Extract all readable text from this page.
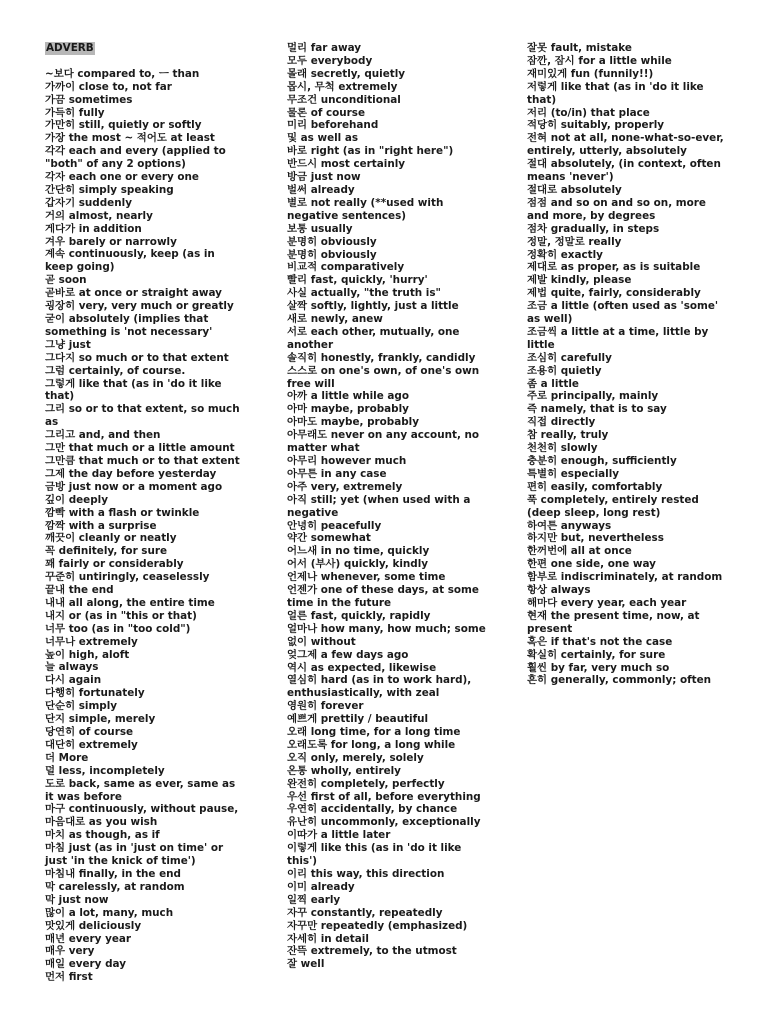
ADVERB
~보다 compared to, ㅡ than
가까이 close to, not far
가끔 sometimes
가득히 fully
가만히 still, quietly or softly
가장 the most ~ 적어도 at least
각각 each and every (applied to "both" of any 2 options)
각자 each one or every one
간단히 simply speaking
갑자기 suddenly
거의 almost, nearly
게다가 in addition
겨우 barely or narrowly
계속 continuously, keep (as in keep going)
곧 soon
곧바로 at once or straight away
굉장히 very, very much or greatly
굳이 absolutely (implies that something is 'not necessary'
그냥 just
그다지 so much or to that extent
그럼 certainly, of course.
그렇게 like that (as in 'do it like that)
그리 so or to that extent, so much as
그리고 and, and then
그만 that much or a little amount
그만큼 that much or to that extent
그제 the day before yesterday
금방 just now or a moment ago
깊이 deeply
깜빡 with a flash or twinkle
깜짝 with a surprise
깨끗이 cleanly or neatly
꼭 definitely, for sure
꽤 fairly or considerably
꾸준히 untiringly, ceaselessly
끝내 the end
내내 all along, the entire time
내지 or (as in "this or that)
너무 too (as in "too cold")
너무나 extremely
높이 high, aloft
늘 always
다시 again
다행히 fortunately
단순히 simply
단지 simple, merely
당연히 of course
대단히 extremely
더 More
덜 less, incompletely
도로 back, same as ever, same as it was before
마구 continuously, without pause,
마음대로 as you wish
마치 as though, as if
마침 just (as in 'just on time' or just 'in the knick of time')
마침내 finally, in the end
막 carelessly, at random
막 just now
많이 a lot, many, much
맛있게 deliciously
매년 every year
매우 very
매일 every day
먼저 first
멀리 far away
모두 everybody
몰래 secretly, quietly
몹시, 무척 extremely
무조건 unconditional
물론 of course
미리 beforehand
및 as well as
바로 right (as in "right here")
반드시 most certainly
방금 just now
벌써 already
별로 not really (**used with negative sentences)
보통 usually
분명히 obviously
분명히 obviously
비교적 comparatively
빨리 fast, quickly, 'hurry'
사실 actually, "the truth is"
살짝 softly, lightly, just a little
새로 newly, anew
서로 each other, mutually, one another
솔직히 honestly, frankly, candidly
스스로 on one's own, of one's own free will
아까 a little while ago
아마 maybe, probably
아마도 maybe, probably
아무래도 never on any account, no matter what
아무리 however much
아무튼 in any case
아주 very, extremely
아직 still; yet (when used with a negative
안녕히 peacefully
약간 somewhat
어느새 in no time, quickly
어서 (부사) quickly, kindly
언제나 whenever, some time
언젠가 one of these days, at some time in the future
얼른 fast, quickly, rapidly
얼마나 how many, how much; some
없이 without
엊그제 a few days ago
역시 as expected, likewise
열심히 hard (as in to work hard), enthusiastically, with zeal
영원히 forever
예쁘게 prettily / beautiful
오래 long time, for a long time
오래도록 for long, a long while
오직 only, merely, solely
온통 wholly, entirely
완전히 completely, perfectly
우선 first of all, before everything
우연히 accidentally, by chance
유난히 uncommonly, exceptionally
이따가 a little later
이렇게 like this (as in 'do it like this')
이리 this way, this direction
이미 already
일찍 early
자꾸 constantly, repeatedly
자꾸만 repeatedly (emphasized)
자세히 in detail
잔뜩 extremely, to the utmost
잘 well
잘못 fault, mistake
잠깐, 잠시 for a little while
재미있게 fun (funnily!!)
저렇게 like that (as in 'do it like that)
저리 (to/in) that place
적당히 suitably, properly
전혀 not at all, none-what-so-ever, entirely, utterly, absolutely
절대 absolutely, (in context, often means 'never')
절대로 absolutely
점점 and so on and so on, more and more, by degrees
점차 gradually, in steps
정말, 정말로 really
정확히 exactly
제대로 as proper, as is suitable
제발 kindly, please
제법 quite, fairly, considerably
조금 a little (often used as 'some' as well)
조금씩 a little at a time, little by little
조심히 carefully
조용히 quietly
좀 a little
주로 principally, mainly
즉 namely, that is to say
직접 directly
참 really, truly
천천히 slowly
충분히 enough, sufficiently
특별히 especially
편히 easily, comfortably
푹 completely, entirely rested (deep sleep, long rest)
하여튼 anyways
하지만 but, nevertheless
한꺼번에 all at once
한편 one side, one way
함부로 indiscriminately, at random
항상 always
해마다 every year, each year
현재 the present time, now, at present
혹은 if that's not the case
확실히 certainly, for sure
훨씬 by far, very much so
흔히 generally, commonly; often
